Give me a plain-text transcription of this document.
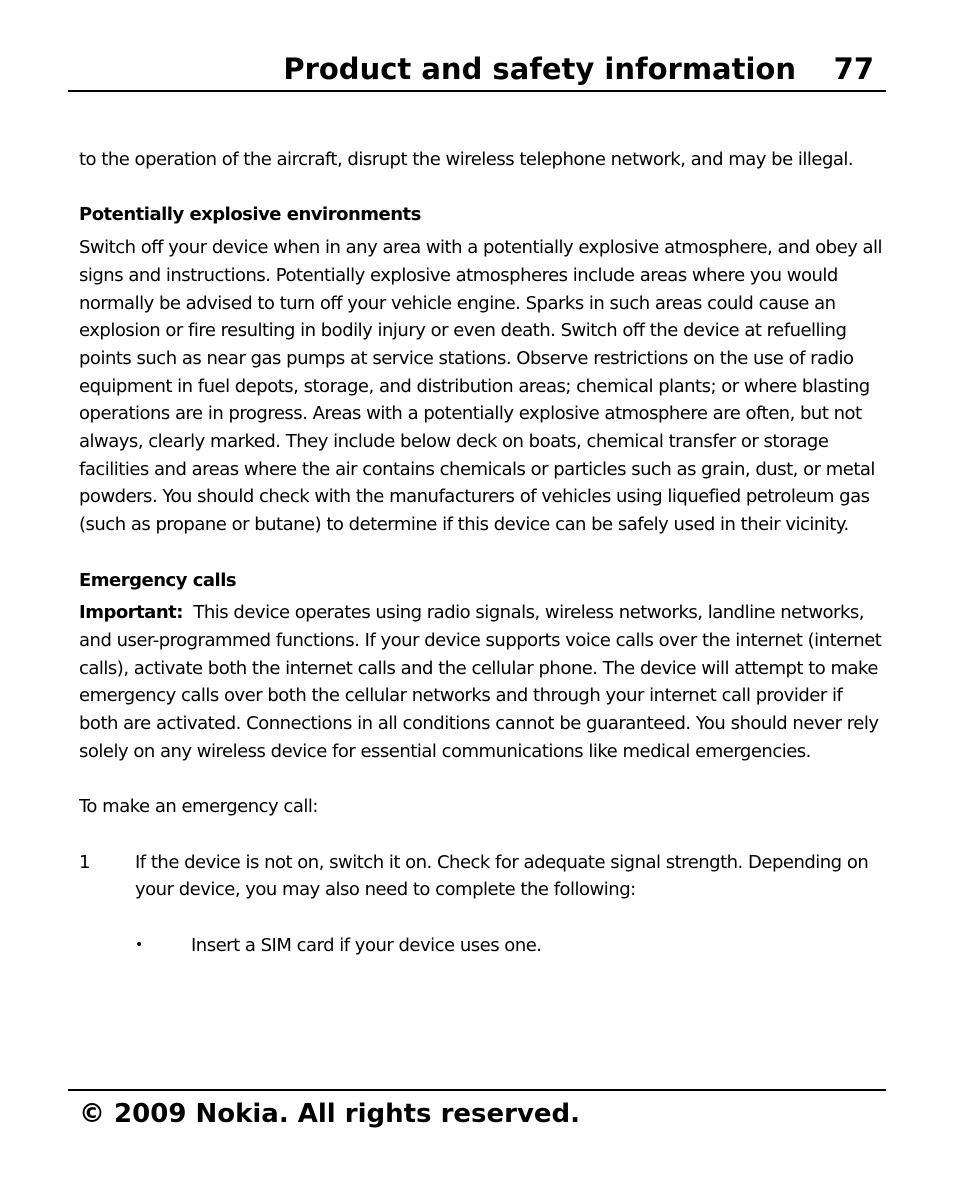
Product and safety information 77

to the operation of the aircraft, disrupt the wireless telephone network, and may be illegal.

Potentially explosive environments

Switch off your device when in any area with a potentially explosive atmosphere, and obey all signs and instructions. Potentially explosive atmospheres include areas where you would normally be advised to turn off your vehicle engine. Sparks in such areas could cause an explosion or fire resulting in bodily injury or even death. Switch off the device at refuelling points such as near gas pumps at service stations. Observe restrictions on the use of radio equipment in fuel depots, storage, and distribution areas; chemical plants; or where blasting operations are in progress. Areas with a potentially explosive atmosphere are often, but not always, clearly marked. They include below deck on boats, chemical transfer or storage facilities and areas where the air contains chemicals or particles such as grain, dust, or metal powders. You should check with the manufacturers of vehicles using liquefied petroleum gas (such as propane or butane) to determine if this device can be safely used in their vicinity.

Emergency calls

Important: This device operates using radio signals, wireless networks, landline networks, and user-programmed functions. If your device supports voice calls over the internet (internet calls), activate both the internet calls and the cellular phone. The device will attempt to make emergency calls over both the cellular networks and through your internet call provider if both are activated. Connections in all conditions cannot be guaranteed. You should never rely solely on any wireless device for essential communications like medical emergencies.

To make an emergency call:

1	If the device is not on, switch it on. Check for adequate signal strength. Depending on your device, you may also need to complete the following:
•	Insert a SIM card if your device uses one.
© 2009 Nokia. All rights reserved.
